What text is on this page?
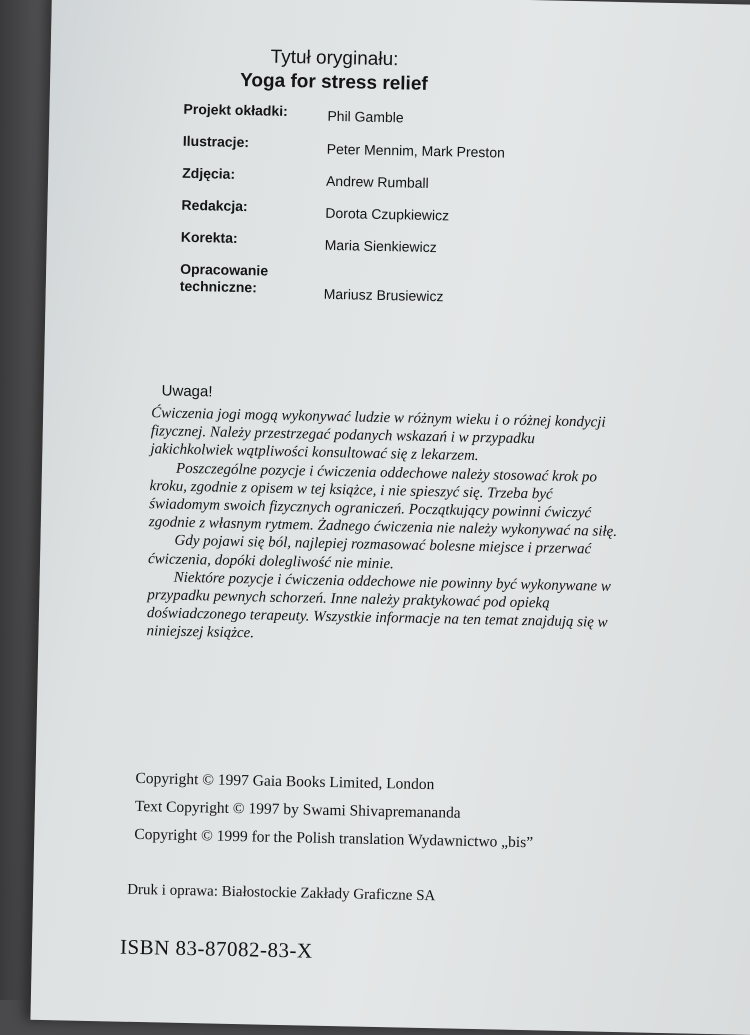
Tytuł oryginału:
Yoga for stress relief
Projekt okładki:	Phil Gamble
Ilustracje:	Peter Mennim, Mark Preston
Zdjęcia:	Andrew Rumball
Redakcja:	Dorota Czupkiewicz
Korekta:	Maria Sienkiewicz
Opracowanie
techniczne:	Mariusz Brusiewicz
Uwaga!

Ćwiczenia jogi mogą wykonywać ludzie w różnym wieku i o różnej kondycji fizycznej. Należy przestrzegać podanych wskazań i w przypadku jakichkolwiek wątpliwości konsultować się z lekarzem.

Poszczególne pozycje i ćwiczenia oddechowe należy stosować krok po kroku, zgodnie z opisem w tej książce, i nie spieszyć się. Trzeba być świadomym swoich fizycznych ograniczeń. Początkujący powinni ćwiczyć zgodnie z własnym rytmem. Żadnego ćwiczenia nie należy wykonywać na siłę.

Gdy pojawi się ból, najlepiej rozmasować bolesne miejsce i przerwać ćwiczenia, dopóki dolegliwość nie minie.

Niektóre pozycje i ćwiczenia oddechowe nie powinny być wykonywane w przypadku pewnych schorzeń. Inne należy praktykować pod opieką doświadczonego terapeuty. Wszystkie informacje na ten temat znajdują się w niniejszej książce.

Copyright © 1997 Gaia Books Limited, London
Text Copyright © 1997 by Swami Shivapremananda
Copyright © 1999 for the Polish translation Wydawnictwo „bis”
Druk i oprawa: Białostockie Zakłady Graficzne SA
ISBN 83-87082-83-X
